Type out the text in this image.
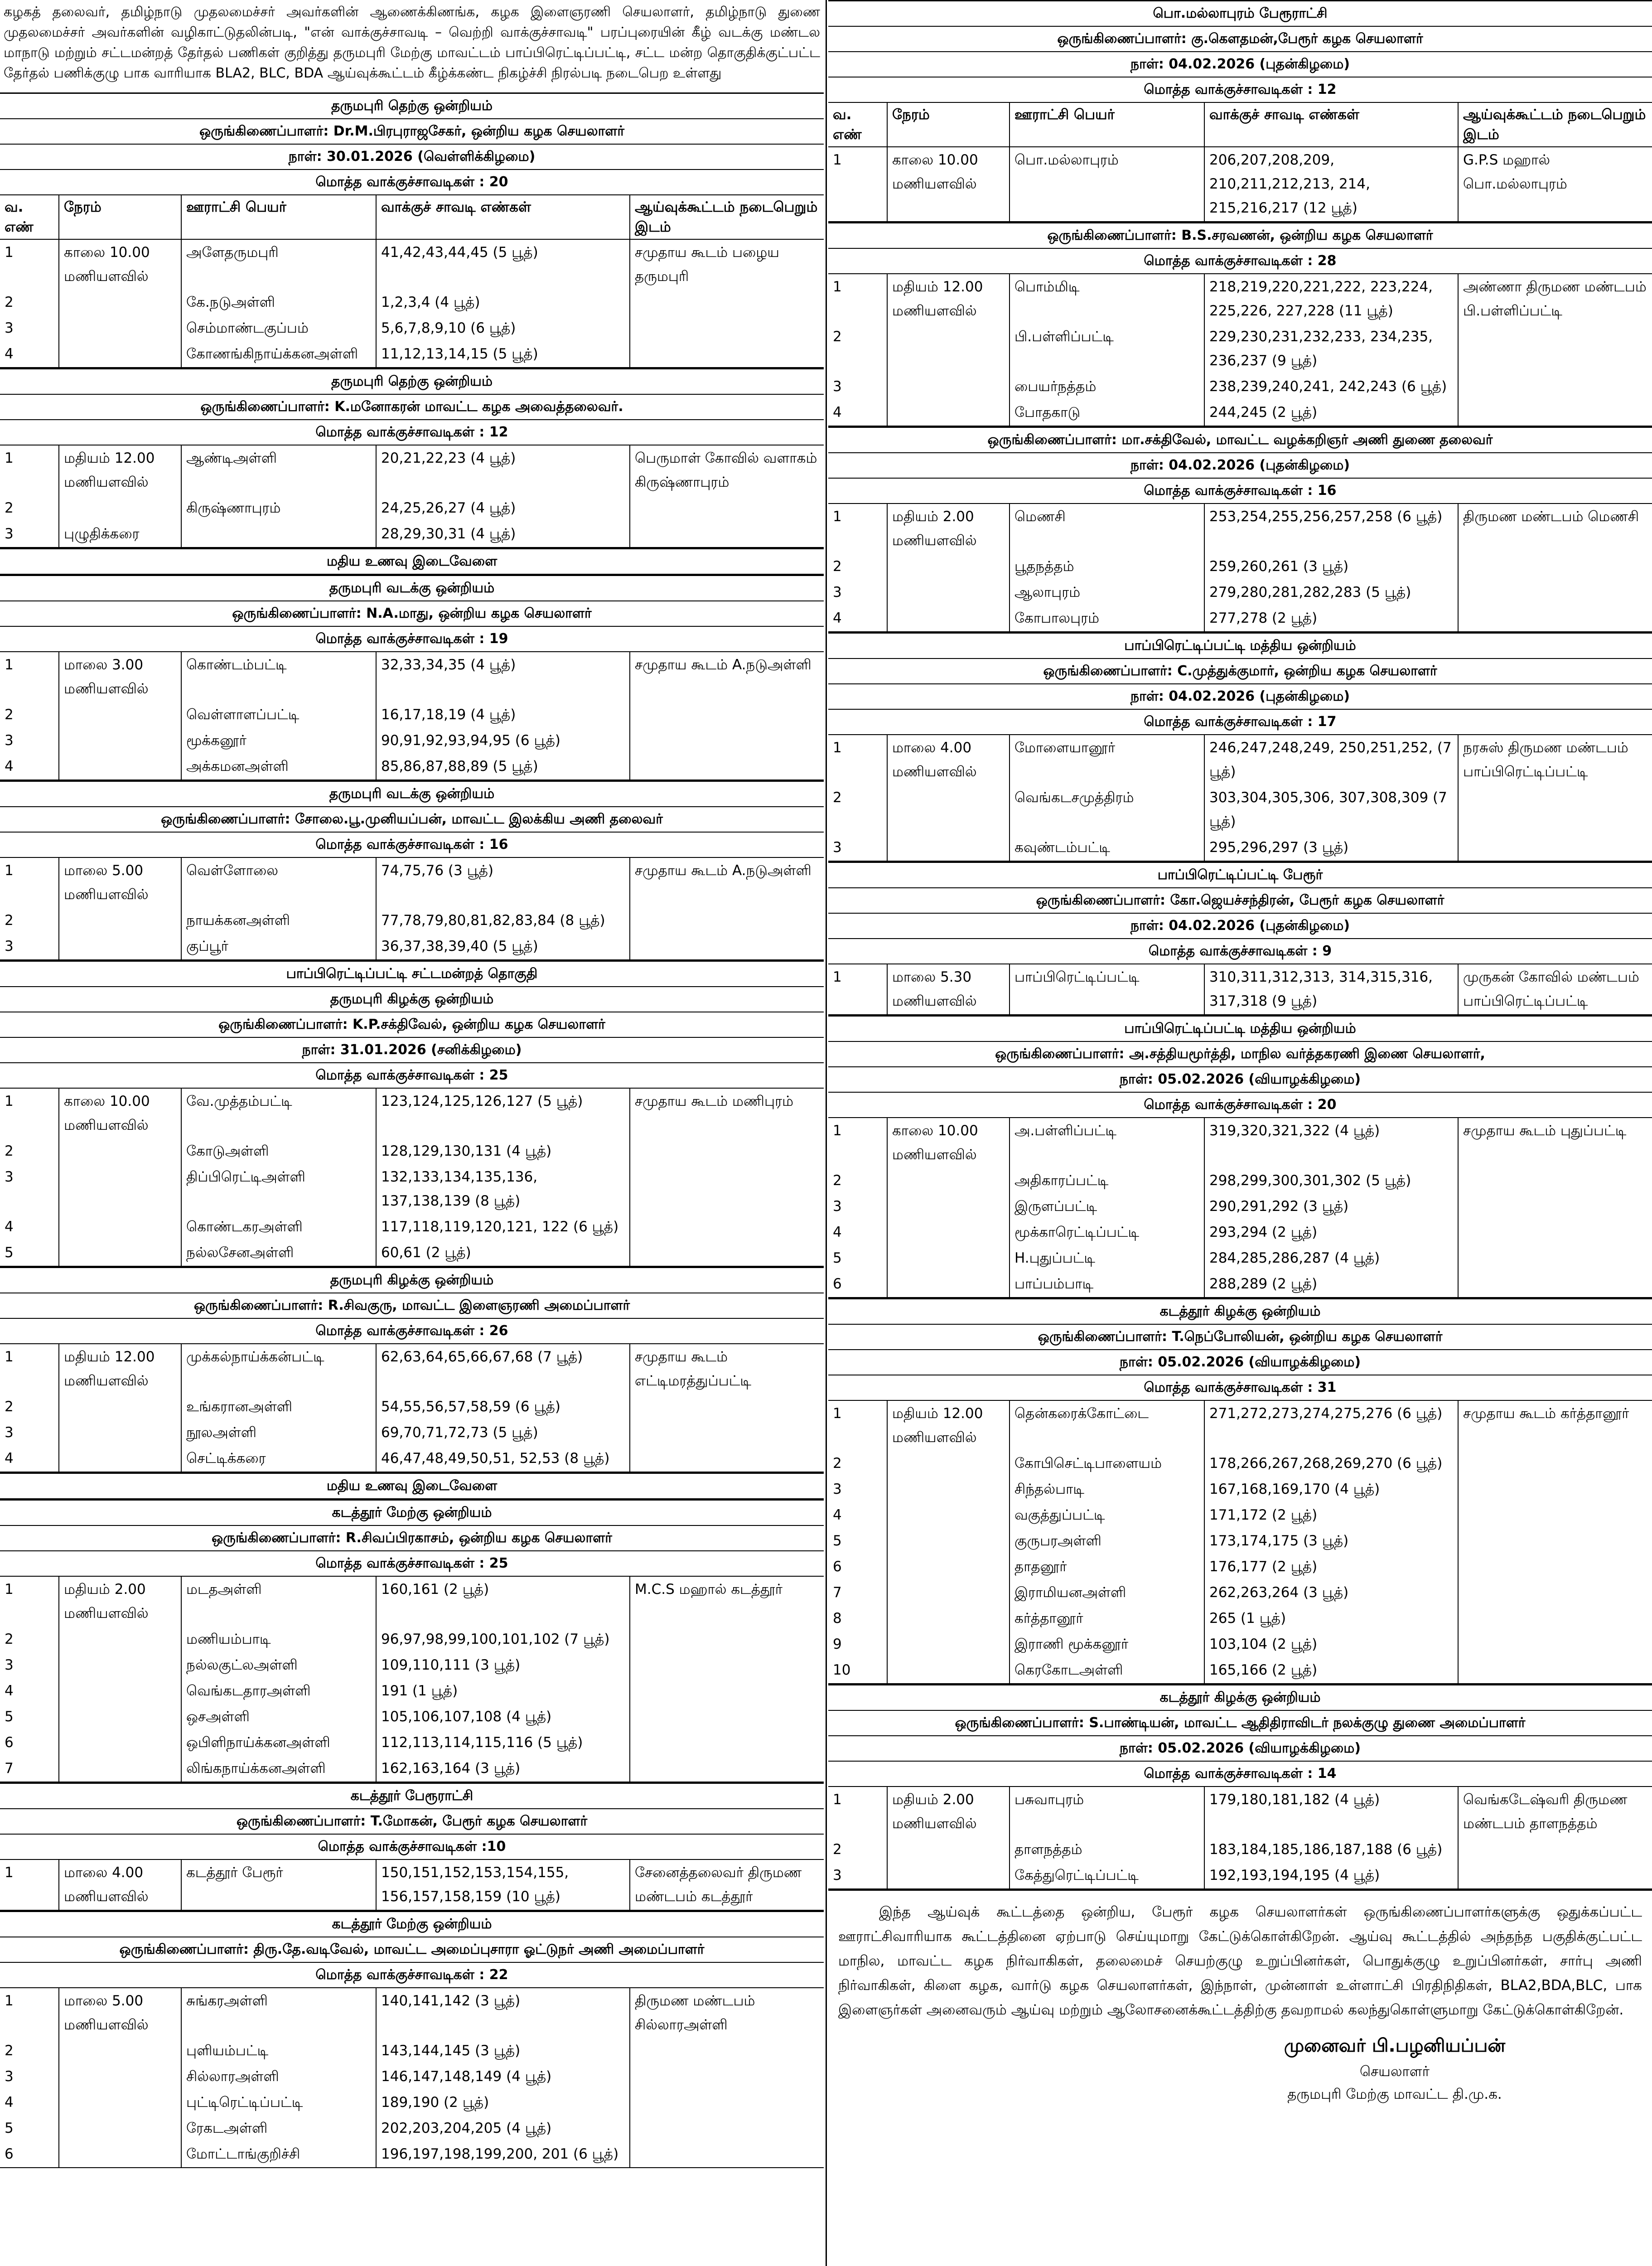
கழகத் தலைவர், தமிழ்நாடு முதலமைச்சர் அவர்களின் ஆணைக்கிணங்க, கழக இளைஞரணி செயலாளர், தமிழ்நாடு துணை முதலமைச்சர் அவர்களின் வழிகாட்டுதலின்படி, "என் வாக்குச்சாவடி – வெற்றி வாக்குச்சாவடி" பரப்புரையின் கீழ் வடக்கு மண்டல மாநாடு மற்றும் சட்டமன்றத் தேர்தல் பணிகள் குறித்து தருமபுரி மேற்கு மாவட்டம் பாப்பிரெட்டிப்பட்டி, சட்ட மன்ற தொகுதிக்குட்பட்ட தேர்தல் பணிக்குழு பாக வாரியாக BLA2, BLC, BDA ஆய்வுக்கூட்டம் கீழ்க்கண்ட நிகழ்ச்சி நிரல்படி நடைபெற உள்ளது
தருமபுரி தெற்கு ஒன்றியம்
ஒருங்கிணைப்பாளர்: Dr.M.பிரபுராஜசேகர், ஒன்றிய கழக செயலாளர்
நாள்: 30.01.2026 (வெள்ளிக்கிழமை)
மொத்த வாக்குச்சாவடிகள் : 20
வ. எண்	நேரம்	ஊராட்சி பெயர்	வாக்குச் சாவடி எண்கள்	ஆய்வுக்கூட்டம் நடைபெறும் இடம்
1	காலை 10.00 மணியளவில்	அளேதருமபுரி	41,42,43,44,45 (5 பூத்)	சமுதாய கூடம் பழைய தருமபுரி
2		கே.நடுஅள்ளி	1,2,3,4 (4 பூத்)	
3		செம்மாண்டகுப்பம்	5,6,7,8,9,10 (6 பூத்)	
4		கோணங்கிநாய்க்கனஅள்ளி	11,12,13,14,15 (5 பூத்)	
தருமபுரி தெற்கு ஒன்றியம்
ஒருங்கிணைப்பாளர்: K.மனோகரன் மாவட்ட கழக அவைத்தலைவர்.
மொத்த வாக்குச்சாவடிகள் : 12
1	மதியம் 12.00 மணியளவில்	ஆண்டிஅள்ளி	20,21,22,23 (4 பூத்)	பெருமாள் கோவில் வளாகம் கிருஷ்ணாபுரம்
2		கிருஷ்ணாபுரம்	24,25,26,27 (4 பூத்)	
3	புழுதிக்கரை		28,29,30,31 (4 பூத்)	
மதிய உணவு இடைவேளை
தருமபுரி வடக்கு ஒன்றியம்
ஒருங்கிணைப்பாளர்: N.A.மாது, ஒன்றிய கழக செயலாளர்
மொத்த வாக்குச்சாவடிகள் : 19
1	மாலை 3.00 மணியளவில்	கொண்டம்பட்டி	32,33,34,35 (4 பூத்)	சமுதாய கூடம் A.நடுஅள்ளி
2		வெள்ளாளப்பட்டி	16,17,18,19 (4 பூத்)	
3		மூக்கனூர்	90,91,92,93,94,95 (6 பூத்)	
4		அக்கமனஅள்ளி	85,86,87,88,89 (5 பூத்)	
தருமபுரி வடக்கு ஒன்றியம்
ஒருங்கிணைப்பாளர்: சோலை.பூ.முனியப்பன், மாவட்ட இலக்கிய அணி தலைவர்
மொத்த வாக்குச்சாவடிகள் : 16
1	மாலை 5.00 மணியளவில்	வெள்ளோலை	74,75,76 (3 பூத்)	சமுதாய கூடம் A.நடுஅள்ளி
2		நாயக்கனஅள்ளி	77,78,79,80,81,82,83,84 (8 பூத்)	
3		குப்பூர்	36,37,38,39,40 (5 பூத்)	
பாப்பிரெட்டிப்பட்டி சட்டமன்றத் தொகுதி
தருமபுரி கிழக்கு ஒன்றியம்
ஒருங்கிணைப்பாளர்: K.P.சக்திவேல், ஒன்றிய கழக செயலாளர்
நாள்: 31.01.2026 (சனிக்கிழமை)
மொத்த வாக்குச்சாவடிகள் : 25
1	காலை 10.00 மணியளவில்	வே.முத்தம்பட்டி	123,124,125,126,127 (5 பூத்)	சமுதாய கூடம் மணிபுரம்
2		கோடுஅள்ளி	128,129,130,131 (4 பூத்)	
3		திப்பிரெட்டிஅள்ளி	132,133,134,135,136, 137,138,139 (8 பூத்)	
4		கொண்டகரஅள்ளி	117,118,119,120,121, 122 (6 பூத்)	
5		நல்லசேனஅள்ளி	60,61 (2 பூத்)	
தருமபுரி கிழக்கு ஒன்றியம்
ஒருங்கிணைப்பாளர்: R.சிவகுரு, மாவட்ட இளைஞரணி அமைப்பாளர்
மொத்த வாக்குச்சாவடிகள் : 26
1	மதியம் 12.00 மணியளவில்	முக்கல்நாய்க்கன்பட்டி	62,63,64,65,66,67,68 (7 பூத்)	சமுதாய கூடம் எட்டிமரத்துப்பட்டி
2		உங்கரானஅள்ளி	54,55,56,57,58,59 (6 பூத்)	
3		நூலஅள்ளி	69,70,71,72,73 (5 பூத்)	
4		செட்டிக்கரை	46,47,48,49,50,51, 52,53 (8 பூத்)	
மதிய உணவு இடைவேளை
கடத்தூர் மேற்கு ஒன்றியம்
ஒருங்கிணைப்பாளர்: R.சிவப்பிரகாசம், ஒன்றிய கழக செயலாளர்
மொத்த வாக்குச்சாவடிகள் : 25
1	மதியம் 2.00 மணியளவில்	மடதஅள்ளி	160,161 (2 பூத்)	M.C.S மஹால் கடத்தூர்
2		மணியம்பாடி	96,97,98,99,100,101,102 (7 பூத்)	
3		நல்லகுட்லஅள்ளி	109,110,111 (3 பூத்)	
4		வெங்கடதாரஅள்ளி	191 (1 பூத்)	
5		ஒசஅள்ளி	105,106,107,108 (4 பூத்)	
6		ஒபிளிநாய்க்கனஅள்ளி	112,113,114,115,116 (5 பூத்)	
7		லிங்கநாய்க்கனஅள்ளி	162,163,164 (3 பூத்)	
கடத்தூர் பேரூராட்சி
ஒருங்கிணைப்பாளர்: T.மோகன், பேரூர் கழக செயலாளர்
மொத்த வாக்குச்சாவடிகள் :10
1	மாலை 4.00 மணியளவில்	கடத்தூர் பேரூர்	150,151,152,153,154,155, 156,157,158,159 (10 பூத்)	சேனைத்தலைவர் திருமண மண்டபம் கடத்தூர்
கடத்தூர் மேற்கு ஒன்றியம்
ஒருங்கிணைப்பாளர்: திரு.தே.வடிவேல், மாவட்ட அமைப்புசாரா ஓட்டுநர் அணி அமைப்பாளர்
மொத்த வாக்குச்சாவடிகள் : 22
1	மாலை 5.00 மணியளவில்	சுங்கரஅள்ளி	140,141,142 (3 பூத்)	திருமண மண்டபம் சில்லாரஅள்ளி
2		புளியம்பட்டி	143,144,145 (3 பூத்)	
3		சில்லாரஅள்ளி	146,147,148,149 (4 பூத்)	
4		புட்டிரெட்டிப்பட்டி	189,190 (2 பூத்)	
5		ரேகடஅள்ளி	202,203,204,205 (4 பூத்)	
6		மோட்டாங்குறிச்சி	196,197,198,199,200, 201 (6 பூத்)	
பொ.மல்லாபுரம் பேரூராட்சி
ஒருங்கிணைப்பாளர்: கு.கௌதமன்,பேரூர் கழக செயலாளர்
நாள்: 04.02.2026 (புதன்கிழமை)
மொத்த வாக்குச்சாவடிகள் : 12
வ. எண்	நேரம்	ஊராட்சி பெயர்	வாக்குச் சாவடி எண்கள்	ஆய்வுக்கூட்டம் நடைபெறும் இடம்
1	காலை 10.00 மணியளவில்	பொ.மல்லாபுரம்	206,207,208,209, 210,211,212,213, 214, 215,216,217 (12 பூத்)	G.P.S மஹால் பொ.மல்லாபுரம்
ஒருங்கிணைப்பாளர்: B.S.சரவணன், ஒன்றிய கழக செயலாளர்
மொத்த வாக்குச்சாவடிகள் : 28
1	மதியம் 12.00 மணியளவில்	பொம்மிடி	218,219,220,221,222, 223,224, 225,226, 227,228 (11 பூத்)	அண்ணா திருமண மண்டபம் பி.பள்ளிப்பட்டி
2		பி.பள்ளிப்பட்டி	229,230,231,232,233, 234,235, 236,237 (9 பூத்)	
3		பையர்நத்தம்	238,239,240,241, 242,243 (6 பூத்)	
4		போதகாடு	244,245 (2 பூத்)	
ஒருங்கிணைப்பாளர்: மா.சக்திவேல், மாவட்ட வழக்கறிஞர் அணி துணை தலைவர்
நாள்: 04.02.2026 (புதன்கிழமை)
மொத்த வாக்குச்சாவடிகள் : 16
1	மதியம் 2.00 மணியளவில்	மெணசி	253,254,255,256,257,258 (6 பூத்)	திருமண மண்டபம் மெணசி
2		பூதநத்தம்	259,260,261 (3 பூத்)	
3		ஆலாபுரம்	279,280,281,282,283 (5 பூத்)	
4		கோபாலபுரம்	277,278 (2 பூத்)	
பாப்பிரெட்டிப்பட்டி மத்திய ஒன்றியம்
ஒருங்கிணைப்பாளர்: C.முத்துக்குமார், ஒன்றிய கழக செயலாளர்
நாள்: 04.02.2026 (புதன்கிழமை)
மொத்த வாக்குச்சாவடிகள் : 17
1	மாலை 4.00 மணியளவில்	மோளையானூர்	246,247,248,249, 250,251,252, (7 பூத்)	நரசுஸ் திருமண மண்டபம் பாப்பிரெட்டிப்பட்டி
2		வெங்கடசமுத்திரம்	303,304,305,306, 307,308,309 (7 பூத்)	
3		கவுண்டம்பட்டி	295,296,297 (3 பூத்)	
பாப்பிரெட்டிப்பட்டி பேரூர்
ஒருங்கிணைப்பாளர்: கோ.ஜெயச்சந்திரன், பேரூர் கழக செயலாளர்
நாள்: 04.02.2026 (புதன்கிழமை)
மொத்த வாக்குச்சாவடிகள் : 9
1	மாலை 5.30 மணியளவில்	பாப்பிரெட்டிப்பட்டி	310,311,312,313, 314,315,316, 317,318 (9 பூத்)	முருகன் கோவில் மண்டபம் பாப்பிரெட்டிப்பட்டி
பாப்பிரெட்டிப்பட்டி மத்திய ஒன்றியம்
ஒருங்கிணைப்பாளர்: அ.சத்தியமூர்த்தி, மாநில வர்த்தகரணி இணை செயலாளர்,
நாள்: 05.02.2026 (வியாழக்கிழமை)
மொத்த வாக்குச்சாவடிகள் : 20
1	காலை 10.00 மணியளவில்	அ.பள்ளிப்பட்டி	319,320,321,322 (4 பூத்)	சமுதாய கூடம் புதுப்பட்டி
2		அதிகாரப்பட்டி	298,299,300,301,302 (5 பூத்)	
3		இருளப்பட்டி	290,291,292 (3 பூத்)	
4		மூக்காரெட்டிப்பட்டி	293,294 (2 பூத்)	
5		H.புதுப்பட்டி	284,285,286,287 (4 பூத்)	
6		பாப்பம்பாடி	288,289 (2 பூத்)	
கடத்தூர் கிழக்கு ஒன்றியம்
ஒருங்கிணைப்பாளர்: T.நெப்போலியன், ஒன்றிய கழக செயலாளர்
நாள்: 05.02.2026 (வியாழக்கிழமை)
மொத்த வாக்குச்சாவடிகள் : 31
1	மதியம் 12.00 மணியளவில்	தென்கரைக்கோட்டை	271,272,273,274,275,276 (6 பூத்)	சமுதாய கூடம் கர்த்தானூர்
2		கோபிசெட்டிபாளையம்	178,266,267,268,269,270 (6 பூத்)	
3		சிந்தல்பாடி	167,168,169,170 (4 பூத்)	
4		வகுத்துப்பட்டி	171,172 (2 பூத்)	
5		குருபரஅள்ளி	173,174,175 (3 பூத்)	
6		தாதனூர்	176,177 (2 பூத்)	
7		இராமியனஅள்ளி	262,263,264 (3 பூத்)	
8		கர்த்தானூர்	265 (1 பூத்)	
9		இராணி மூக்கனூர்	103,104 (2 பூத்)	
10		கெரகோடஅள்ளி	165,166 (2 பூத்)	
கடத்தூர் கிழக்கு ஒன்றியம்
ஒருங்கிணைப்பாளர்: S.பாண்டியன், மாவட்ட ஆதிதிராவிடர் நலக்குழு துணை அமைப்பாளர்
நாள்: 05.02.2026 (வியாழக்கிழமை)
மொத்த வாக்குச்சாவடிகள் : 14
1	மதியம் 2.00 மணியளவில்	பசுவாபுரம்	179,180,181,182 (4 பூத்)	வெங்கடேஷ்வரி திருமண மண்டபம் தாளநத்தம்
2		தாளநத்தம்	183,184,185,186,187,188 (6 பூத்)	
3		கேத்துரெட்டிப்பட்டி	192,193,194,195 (4 பூத்)	
இந்த ஆய்வுக் கூட்டத்தை ஒன்றிய, பேரூர் கழக செயலாளர்கள் ஒருங்கிணைப்பாளர்களுக்கு ஒதுக்கப்பட்ட ஊராட்சிவாரியாக கூட்டத்தினை ஏற்பாடு செய்யுமாறு கேட்டுக்கொள்கிறேன். ஆய்வு கூட்டத்தில் அந்தந்த பகுதிக்குட்பட்ட மாநில, மாவட்ட கழக நிர்வாகிகள், தலைமைச் செயற்குழு உறுப்பினர்கள், பொதுக்குழு உறுப்பினர்கள், சார்பு அணி நிர்வாகிகள், கிளை கழக, வார்டு கழக செயலாளர்கள், இந்நாள், முன்னாள் உள்ளாட்சி பிரதிநிதிகள், BLA2,BDA,BLC, பாக இளைஞர்கள் அனைவரும் ஆய்வு மற்றும் ஆலோசனைக்கூட்டத்திற்கு தவறாமல் கலந்துகொள்ளுமாறு கேட்டுக்கொள்கிறேன்.
முனைவர் பி.பழனியப்பன்
செயலாளர்
தருமபுரி மேற்கு மாவட்ட தி.மு.க.
